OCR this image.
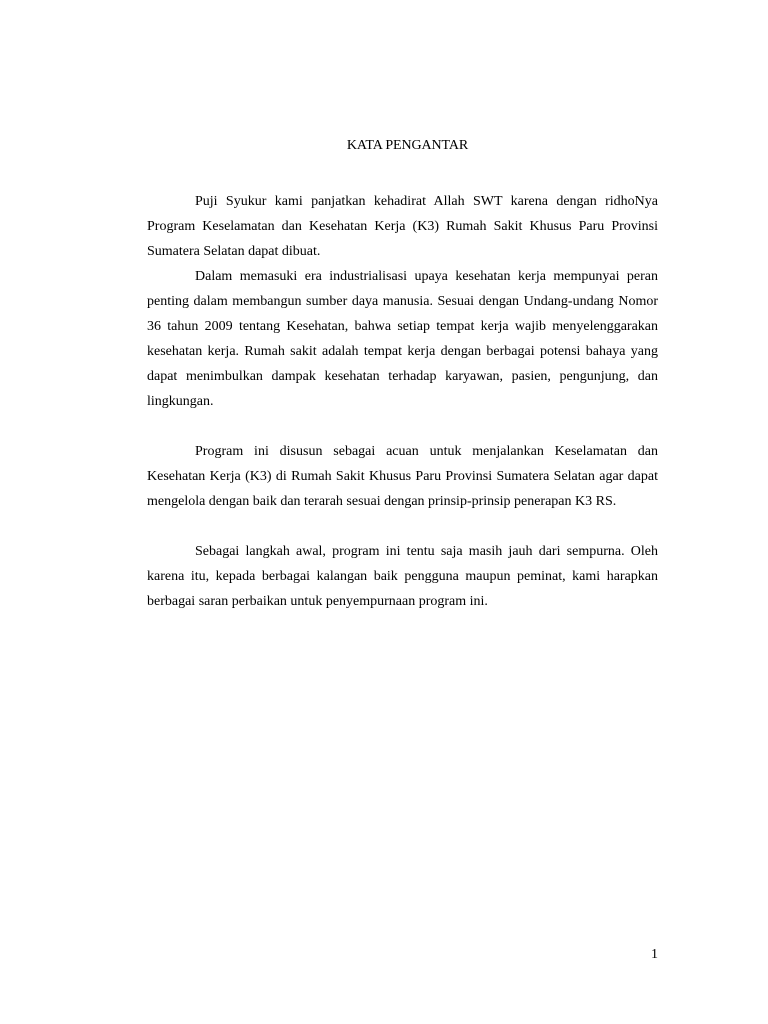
KATA PENGANTAR

Puji Syukur kami panjatkan kehadirat Allah SWT karena dengan ridhoNya Program Keselamatan dan Kesehatan Kerja (K3) Rumah Sakit Khusus Paru Provinsi Sumatera Selatan dapat dibuat.

Dalam memasuki era industrialisasi upaya kesehatan kerja mempunyai peran penting dalam membangun sumber daya manusia. Sesuai dengan Undang-undang Nomor 36 tahun 2009 tentang Kesehatan, bahwa setiap tempat kerja wajib menyelenggarakan kesehatan kerja. Rumah sakit adalah tempat kerja dengan berbagai potensi bahaya yang dapat menimbulkan dampak kesehatan terhadap karyawan, pasien, pengunjung, dan lingkungan.

Program ini disusun sebagai acuan untuk menjalankan Keselamatan dan Kesehatan Kerja (K3) di Rumah Sakit Khusus Paru Provinsi Sumatera Selatan agar dapat mengelola dengan baik dan terarah sesuai dengan prinsip-prinsip penerapan K3 RS.

Sebagai langkah awal, program ini tentu saja masih jauh dari sempurna. Oleh karena itu, kepada berbagai kalangan baik pengguna maupun peminat, kami harapkan berbagai saran perbaikan untuk penyempurnaan program ini.

1
